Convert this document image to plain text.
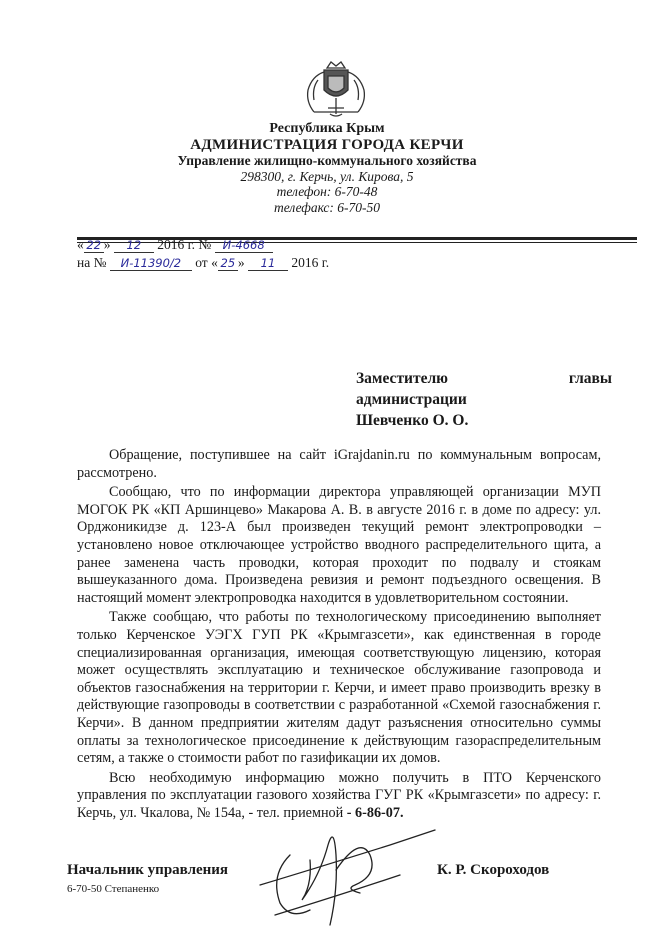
Республика Крым
АДМИНИСТРАЦИЯ ГОРОДА КЕРЧИ
Управление жилищно-коммунального хозяйства
298300, г. Керчь, ул. Кирова, 5
телефон: 6-70-48
телефакс: 6-70-50
« 22 » 12 2016 г. № И-4668
на № И-11390/2 от « 25 » 11 2016 г.
Заместителю	главы
администрации
Шевченко О. О.

Обращение, поступившее на сайт iGrajdanin.ru по коммунальным вопросам, рассмотрено.

Сообщаю, что по информации директора управляющей организации МУП МОГОК РК «КП Аршинцево» Макарова А. В. в августе 2016 г. в доме по адресу: ул. Орджоникидзе д. 123-А был произведен текущий ремонт электропроводки – установлено новое отключающее устройство вводного распределительного щита, а ранее заменена часть проводки, которая проходит по подвалу и стоякам вышеуказанного дома. Произведена ревизия и ремонт подъездного освещения. В настоящий момент электропроводка находится в удовлетворительном состоянии.

Также сообщаю, что работы по технологическому присоединению выполняет только Керченское УЭГХ ГУП РК «Крымгазсети», как единственная в городе специализированная организация, имеющая соответствующую лицензию, которая может осуществлять эксплуатацию и техническое обслуживание газопровода и объектов газоснабжения на территории г. Керчи, и имеет право производить врезку в действующие газопроводы в соответствии с разработанной «Схемой газоснабжения г. Керчи». В данном предприятии жителям дадут разъяснения относительно суммы оплаты за технологическое присоединение к действующим газораспределительным сетям, а также о стоимости работ по газификации их домов.

Всю необходимую информацию можно получить в ПТО Керченского управления по эксплуатации газового хозяйства ГУГ РК «Крымгазсети» по адресу: г. Керчь, ул. Чкалова, № 154а, - тел. приемной - 6-86-07.

Начальник управления	К. Р. Скороходов
6-70-50 Степаненко
